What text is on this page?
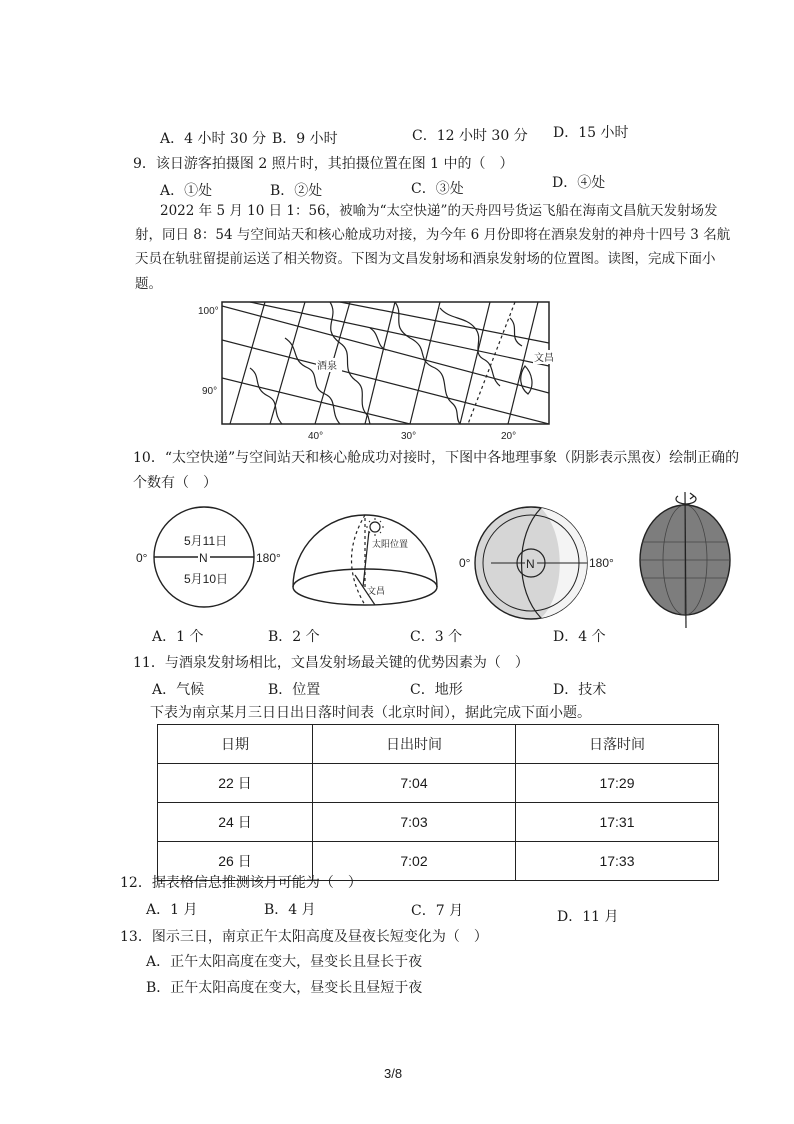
A．4 小时 30 分 B．9 小时	C．12 小时 30 分 D．15 小时
9．该日游客拍摄图 2 照片时，其拍摄位置在图 1 中的（　）
A．①处	B．②处	C．③处	D．④处
2022 年 5 月 10 日 1：56，被喻为“太空快递”的天舟四号货运飞船在海南文昌航天发射场发
射，同日 8：54 与空间站天和核心舱成功对接，为今年 6 月份即将在酒泉发射的神舟十四号 3 名航
天员在轨驻留提前运送了相关物资。下图为文昌发射场和酒泉发射场的位置图。读图，完成下面小
题。
100°
90°
40°	30°	20°
酒泉
文昌
10．“太空快递”与空间站天和核心舱成功对接时，下图中各地理事象（阴影表示黑夜）绘制正确的
个数有（　）
0°	180°
5月11日
N
5月10日
太阳位置
文昌
0°	180°
N
A．1 个	B．2 个	C．3 个	D．4 个
11．与酒泉发射场相比，文昌发射场最关键的优势因素为（　）
A．气候	B．位置	C．地形	D．技术
下表为南京某月三日日出日落时间表（北京时间），据此完成下面小题。
日期	日出时间	日落时间
22 日	7:04	17:29
24 日	7:03	17:31
26 日	7:02	17:33
12．据表格信息推测该月可能为（　）
A．1 月	B．4 月	C．7 月	D．11 月
13．图示三日，南京正午太阳高度及昼夜长短变化为（　）
A．正午太阳高度在变大，昼变长且昼长于夜
B．正午太阳高度在变大，昼变长且昼短于夜
3/8
